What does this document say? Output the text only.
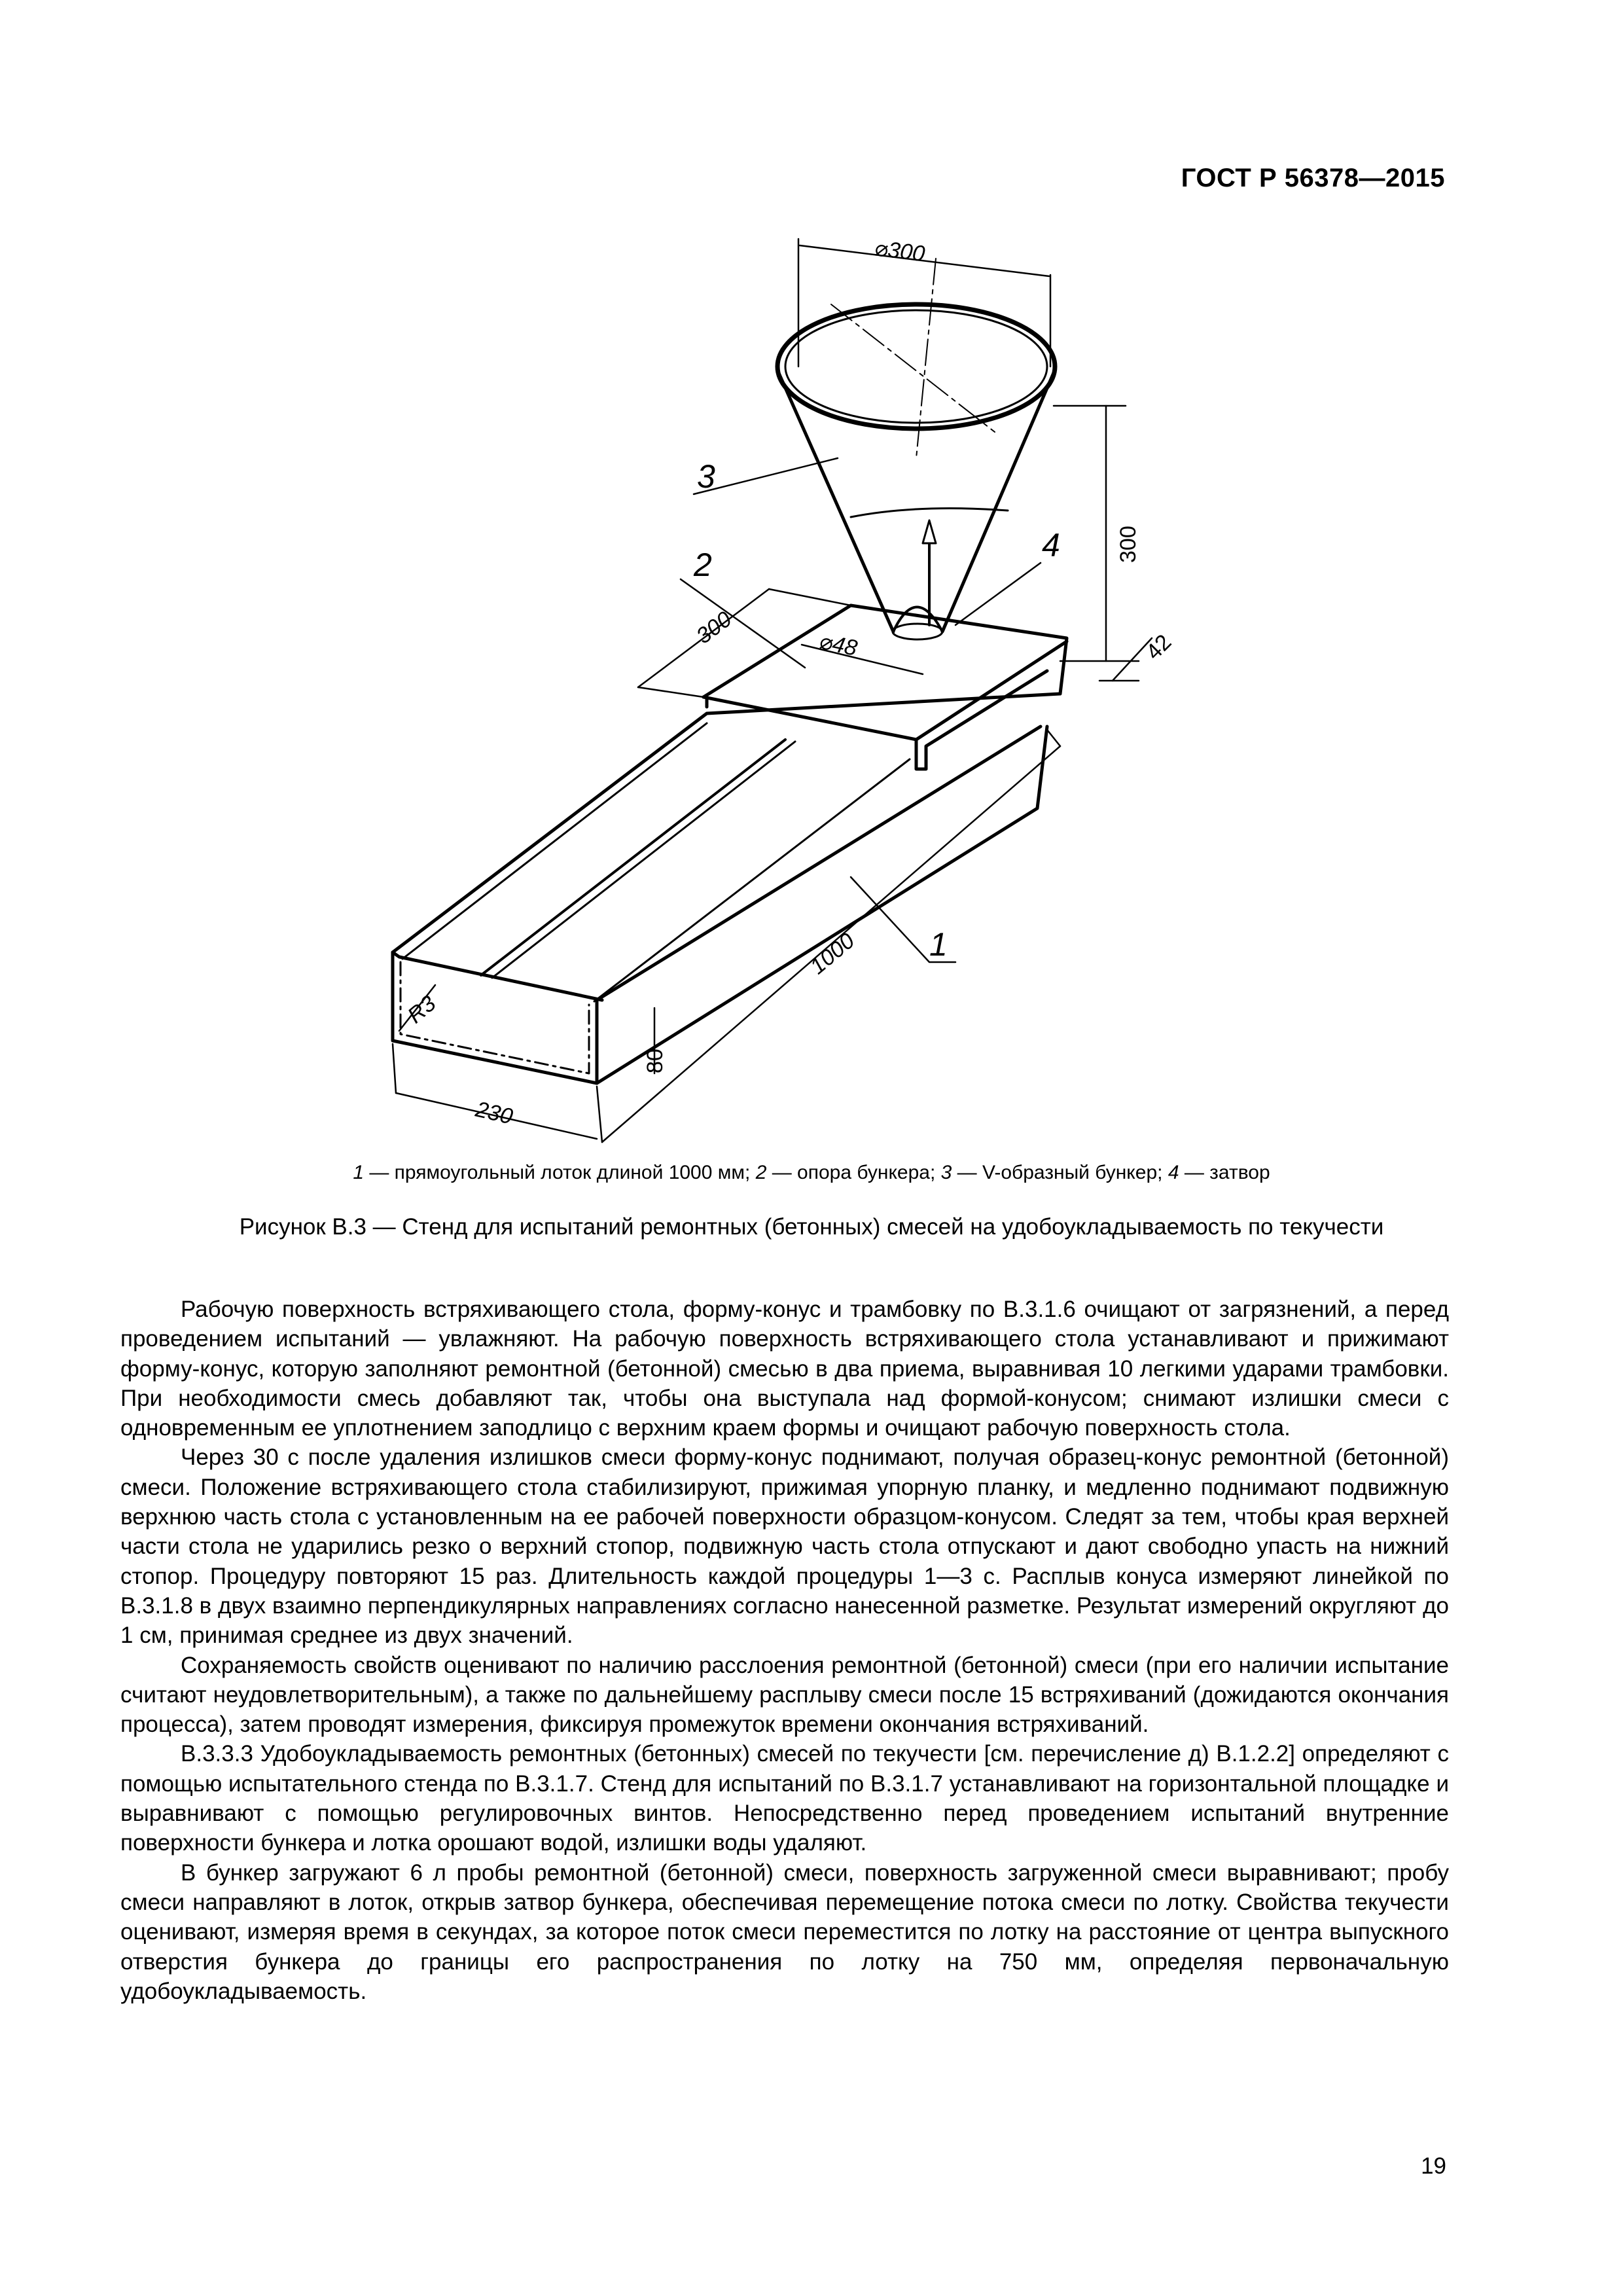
ГОСТ Р 56378—2015
⌀300
300
42
300	⌀48
1000
230
80
R3
3
2
4
1
1 — прямоугольный лоток длиной 1000 мм; 2 — опора бункера; 3 — V-образный бункер; 4 — затвор
Рисунок В.3 — Стенд для испытаний ремонтных (бетонных) смесей на удобоукладываемость по текучести

Рабочую поверхность встряхивающего стола, форму-конус и трамбовку по В.3.1.6 очищают от загрязнений, а перед проведением испытаний — увлажняют. На рабочую поверхность встряхивающего стола устанавливают и прижимают форму-конус, которую заполняют ремонтной (бетонной) смесью в два приема, выравнивая 10 легкими ударами трамбовки. При необходимости смесь добавляют так, чтобы она выступала над формой-конусом; снимают излишки смеси с одновременным ее уплотнением заподлицо с верхним краем формы и очищают рабочую поверхность стола.

Через 30 с после удаления излишков смеси форму-конус поднимают, получая образец-конус ремонтной (бетонной) смеси. Положение встряхивающего стола стабилизируют, прижимая упорную планку, и медленно поднимают подвижную верхнюю часть стола с установленным на ее рабочей поверхности образцом-конусом. Следят за тем, чтобы края верхней части стола не ударились резко о верхний стопор, подвижную часть стола отпускают и дают свободно упасть на нижний стопор. Процедуру повторяют 15 раз. Длительность каждой процедуры 1—3 с. Расплыв конуса измеряют линейкой по В.3.1.8 в двух взаимно перпендикулярных направлениях согласно нанесенной разметке. Результат измерений округляют до 1 см, принимая среднее из двух значений.

Сохраняемость свойств оценивают по наличию расслоения ремонтной (бетонной) смеси (при его наличии испытание считают неудовлетворительным), а также по дальнейшему расплыву смеси после 15 встряхиваний (дожидаются окончания процесса), затем проводят измерения, фиксируя промежуток времени окончания встряхиваний.

В.3.3.3 Удобоукладываемость ремонтных (бетонных) смесей по текучести [см. перечисление д) В.1.2.2] определяют с помощью испытательного стенда по В.3.1.7. Стенд для испытаний по В.3.1.7 устанавливают на горизонтальной площадке и выравнивают с помощью регулировочных винтов. Непосредственно перед проведением испытаний внутренние поверхности бункера и лотка орошают водой, излишки воды удаляют.

В бункер загружают 6 л пробы ремонтной (бетонной) смеси, поверхность загруженной смеси выравнивают; пробу смеси направляют в лоток, открыв затвор бункера, обеспечивая перемещение потока смеси по лотку. Свойства текучести оценивают, измеряя время в секундах, за которое поток смеси переместится по лотку на расстояние от центра выпускного отверстия бункера до границы его распространения по лотку на 750 мм, определяя первоначальную удобоукладываемость.

19
